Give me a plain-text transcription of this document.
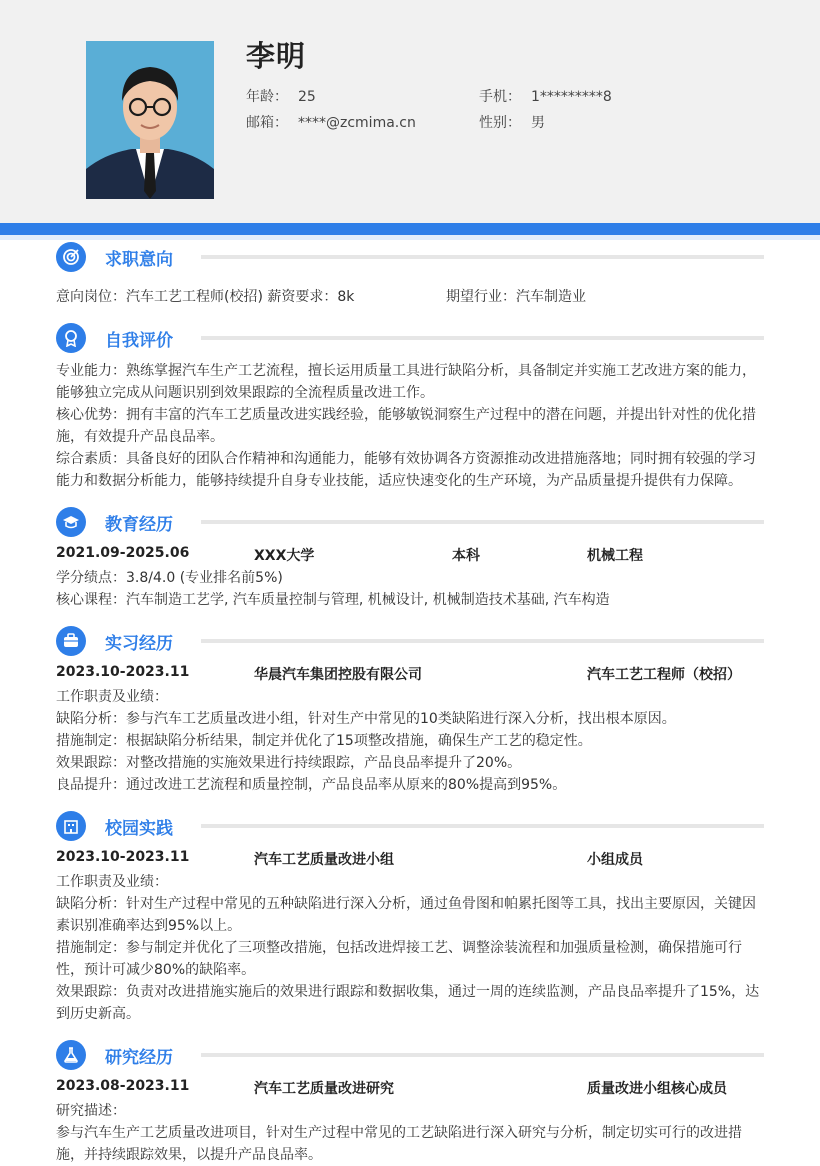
李明
年龄： 25	手机： 1*********8
邮箱： ****@zcmima.cn	性别： 男
求职意向
意向岗位：汽车工艺工程师(校招) 薪资要求：8k	期望行业：汽车制造业
自我评价

专业能力：熟练掌握汽车生产工艺流程，擅长运用质量工具进行缺陷分析，具备制定并实施工艺改进方案的能力，

能够独立完成从问题识别到效果跟踪的全流程质量改进工作。

核心优势：拥有丰富的汽车工艺质量改进实践经验，能够敏锐洞察生产过程中的潜在问题，并提出针对性的优化措

施，有效提升产品良品率。

综合素质：具备良好的团队合作精神和沟通能力，能够有效协调各方资源推动改进措施落地；同时拥有较强的学习

能力和数据分析能力，能够持续提升自身专业技能，适应快速变化的生产环境，为产品质量提升提供有力保障。

教育经历
2021.09-2025.06	XXX大学	本科	机械工程

学分绩点：3.8/4.0 (专业排名前5%)

核心课程：汽车制造工艺学, 汽车质量控制与管理, 机械设计, 机械制造技术基础, 汽车构造

实习经历
2023.10-2023.11	华晨汽车集团控股有限公司	汽车工艺工程师（校招）

工作职责及业绩：

缺陷分析：参与汽车工艺质量改进小组，针对生产中常见的10类缺陷进行深入分析，找出根本原因。

措施制定：根据缺陷分析结果，制定并优化了15项整改措施，确保生产工艺的稳定性。

效果跟踪：对整改措施的实施效果进行持续跟踪，产品良品率提升了20%。

良品提升：通过改进工艺流程和质量控制，产品良品率从原来的80%提高到95%。

校园实践
2023.10-2023.11	汽车工艺质量改进小组	小组成员

工作职责及业绩：

缺陷分析：针对生产过程中常见的五种缺陷进行深入分析，通过鱼骨图和帕累托图等工具，找出主要原因，关键因

素识别准确率达到95%以上。

措施制定：参与制定并优化了三项整改措施，包括改进焊接工艺、调整涂装流程和加强质量检测，确保措施可行

性，预计可减少80%的缺陷率。

效果跟踪：负责对改进措施实施后的效果进行跟踪和数据收集，通过一周的连续监测，产品良品率提升了15%，达

到历史新高。

研究经历
2023.08-2023.11	汽车工艺质量改进研究	质量改进小组核心成员

研究描述：

参与汽车生产工艺质量改进项目，针对生产过程中常见的工艺缺陷进行深入研究与分析，制定切实可行的改进措

施，并持续跟踪效果，以提升产品良品率。
